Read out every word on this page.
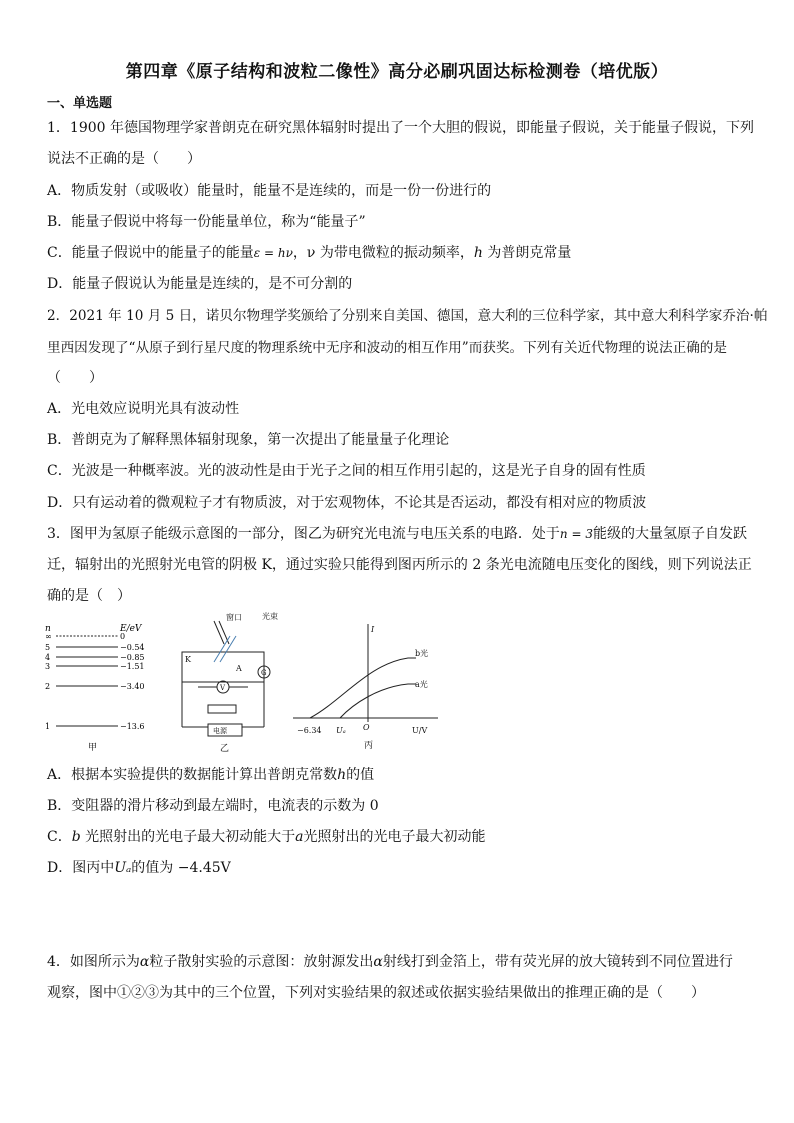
第四章《原子结构和波粒二像性》高分必刷巩固达标检测卷（培优版）
一、单选题
1．1900 年德国物理学家普朗克在研究黑体辐射时提出了一个大胆的假说，即能量子假说，关于能量子假说，下列
说法不正确的是（　　）
A．物质发射（或吸收）能量时，能量不是连续的，而是一份一份进行的
B．能量子假说中将每一份能量单位，称为“能量子”
C．能量子假说中的能量子的能量ε = hν，ν 为带电微粒的振动频率，h 为普朗克常量
D．能量子假说认为能量是连续的，是不可分割的
2．2021 年 10 月 5 日，诺贝尔物理学奖颁给了分别来自美国、德国，意大利的三位科学家，其中意大利科学家乔治·帕
里西因发现了“从原子到行星尺度的物理系统中无序和波动的相互作用”而获奖。下列有关近代物理的说法正确的是
（　　）
A．光电效应说明光具有波动性
B．普朗克为了解释黑体辐射现象，第一次提出了能量量子化理论
C．光波是一种概率波。光的波动性是由于光子之间的相互作用引起的，这是光子自身的固有性质
D．只有运动着的微观粒子才有物质波，对于宏观物体，不论其是否运动，都没有相对应的物质波
3．图甲为氢原子能级示意图的一部分，图乙为研究光电流与电压关系的电路．处于n = 3能级的大量氢原子自发跃
迁，辐射出的光照射光电管的阴极 K，通过实验只能得到图丙所示的 2 条光电流随电压变化的图线，则下列说法正
确的是（　）
n	E/eV
∞	0
5	−0.54
4	−0.85
3	−1.51
2	−3.40
1	−13.6
甲
窗口	光束
K
A
V
G
电源
乙
I
b光
a光
−6.34 Uₐ O	U/V
丙
A．根据本实验提供的数据能计算出普朗克常数h的值
B．变阻器的滑片移动到最左端时，电流表的示数为 0
C．b 光照射出的光电子最大初动能大于a光照射出的光电子最大初动能
D．图丙中Uₐ的值为 −4.45V
4．如图所示为α粒子散射实验的示意图：放射源发出α射线打到金箔上，带有荧光屏的放大镜转到不同位置进行
观察，图中①②③为其中的三个位置，下列对实验结果的叙述或依据实验结果做出的推理正确的是（　　）
